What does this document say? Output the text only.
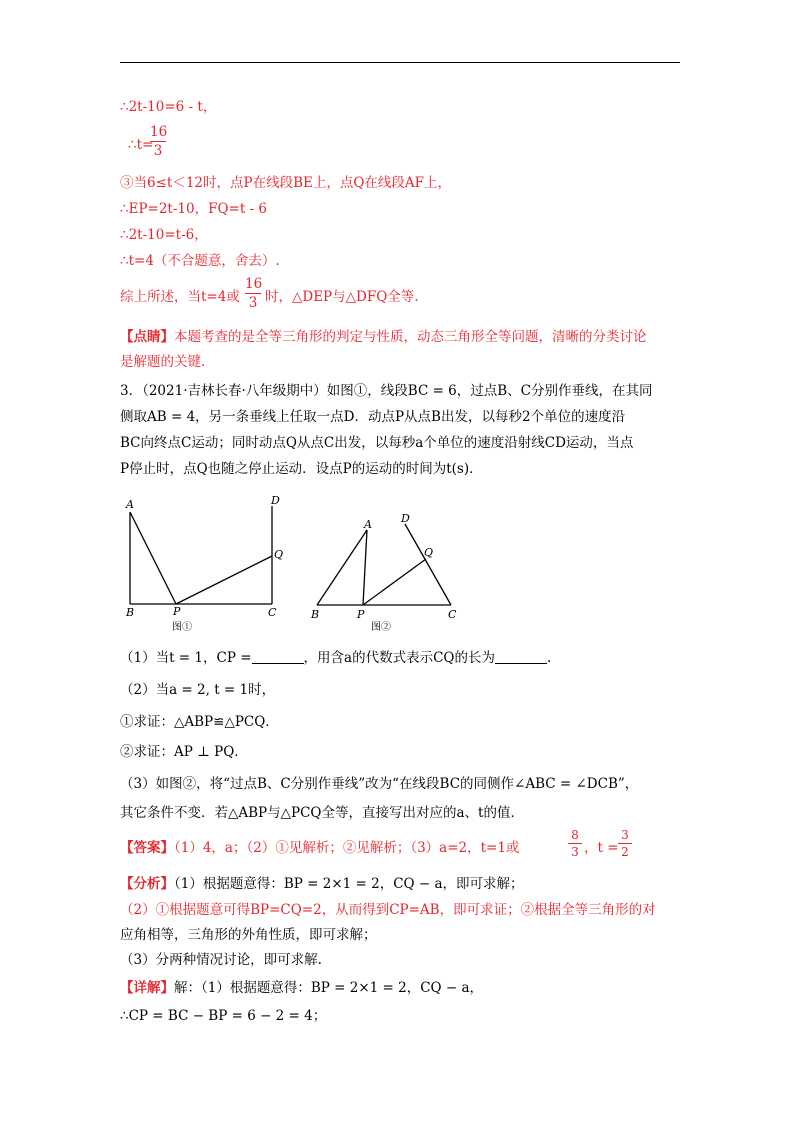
∴2t-10=6 - t，
∴t=
16
3
③当6≤t＜12时，点P在线段BE上，点Q在线段AF上，
∴EP=2t-10，FQ=t - 6
∴2t-10=t-6，
∴t=4（不合题意，舍去）.
综上所述，当t=4或
16
3 时，△DEP与△DFQ全等.
【点睛】本题考查的是全等三角形的判定与性质，动态三角形全等问题，清晰的分类讨论
是解题的关键.
3．（2021·吉林长春·八年级期中）如图①，线段BC = 6，过点B、C分别作垂线，在其同
侧取AB = 4，另一条垂线上任取一点D．动点P从点B出发，以每秒2个单位的速度沿
BC向终点C运动；同时动点Q从点C出发，以每秒a个单位的速度沿射线CD运动，当点
P停止时，点Q也随之停止运动．设点P的运动的时间为t(s)．
A	D
Q
B	P	C
图①
A	D
Q
B	P	C
图②
（1）当t = 1，CP =	，用含a的代数式表示CQ的长为	.
（2）当a = 2, t = 1时，
①求证：△ABP≌△PCQ．
②求证：AP ⊥ PQ．
（3）如图②，将“过点B、C分别作垂线”改为“在线段BC的同侧作∠ABC = ∠DCB”，
其它条件不变．若△ABP与△PCQ全等，直接写出对应的a、t的值．
【答案】（1）4，a；（2）①见解析；②见解析；（3）a=2，t=1或
8
3 ，t =
3
2
【分析】（1）根据题意得：BP = 2×1 = 2，CQ − a，即可求解；
（2）①根据题意可得BP=CQ=2，从而得到CP=AB，即可求证；②根据全等三角形的对
应角相等，三角形的外角性质，即可求解；
（3）分两种情况讨论，即可求解.
【详解】解：（1）根据题意得：BP = 2×1 = 2，CQ − a，
∴CP = BC − BP = 6 − 2 = 4；
